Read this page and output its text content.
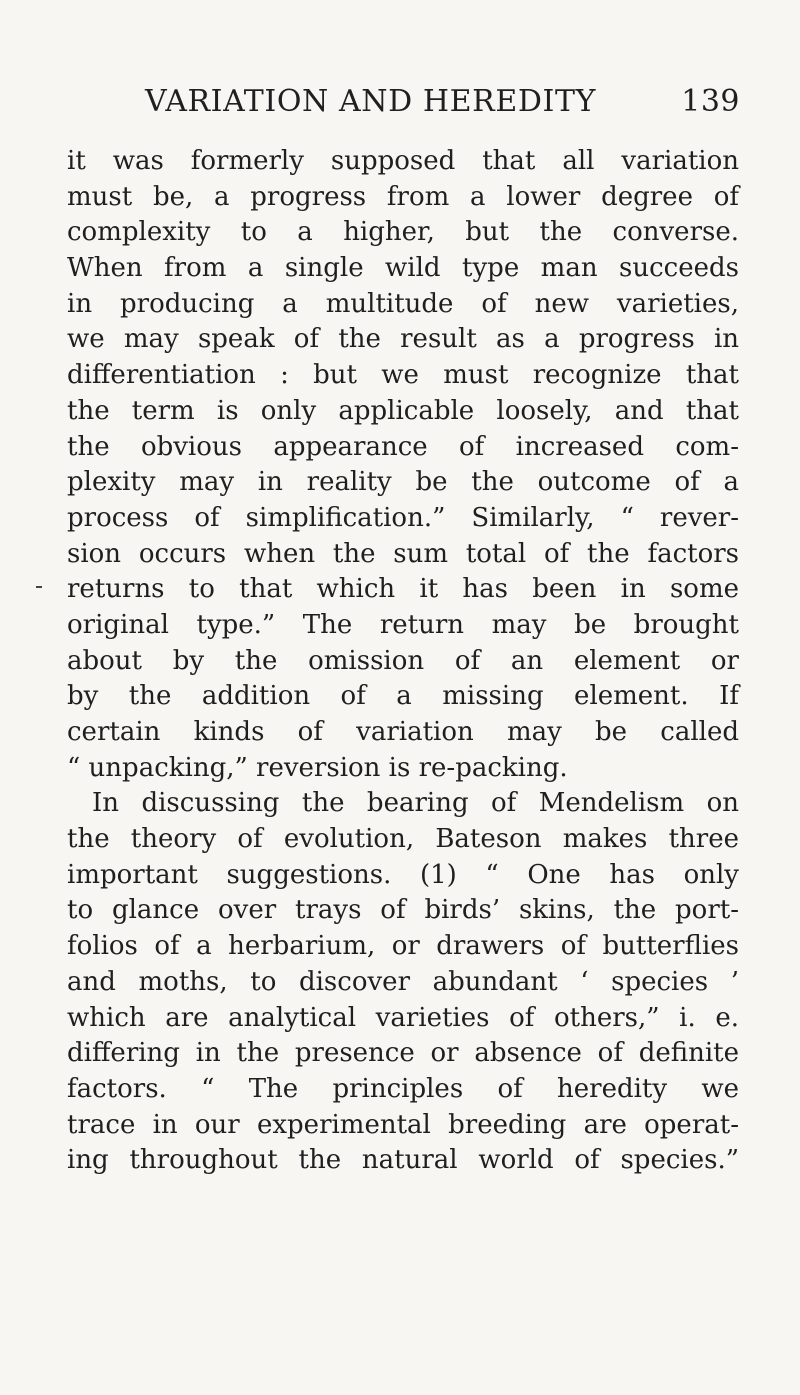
VARIATION AND HEREDITY	139
it was formerly supposed that all variation
must be, a progress from a lower degree of
complexity to a higher, but the converse.
When from a single wild type man succeeds
in producing a multitude of new varieties,
we may speak of the result as a progress in
differentiation : but we must recognize that
the term is only applicable loosely, and that
the obvious appearance of increased com-
plexity may in reality be the outcome of a
process of simplification.” Similarly, “ rever-
sion occurs when the sum total of the factors
returns to that which it has been in some
original type.” The return may be brought
about by the omission of an element or
by the addition of a missing element. If
certain kinds of variation may be called
“ unpacking,” reversion is re-packing.
In discussing the bearing of Mendelism on
the theory of evolution, Bateson makes three
important suggestions. (1) “ One has only
to glance over trays of birds’ skins, the port-
folios of a herbarium, or drawers of butterflies
and moths, to discover abundant ‘ species ’
which are analytical varieties of others,” i. e.
differing in the presence or absence of definite
factors. “ The principles of heredity we
trace in our experimental breeding are operat-
ing throughout the natural world of species.”
